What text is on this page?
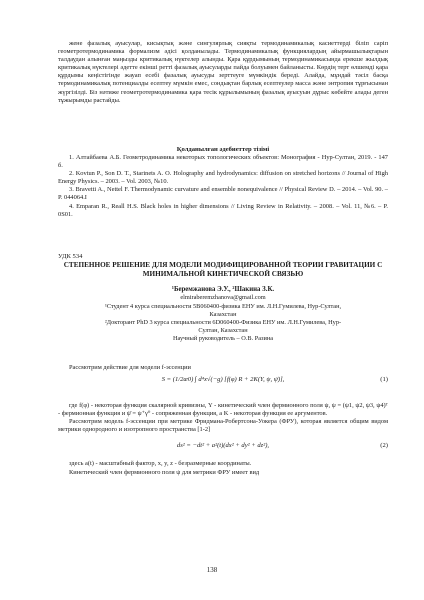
жене фазалық ауысулар, кисықтық және сингулярлық сияқты термодинамикалық касиеттерді біліп саріп геометротермодинамика формализм әдісі қолданылады. Термодинамикалық функциялардың айырмашылықтарын талдаудан алынған маңызды критикалық нүктелер алынды. Қара құрдымының термодинамикасында ерекше жылдық критикалық нүктелері әдетте екінші ретті фазалық ауысуларды пайда болуымен байланысты. Көрдің терт өлшемді қара құрдымы кеңістігінде жауап есебі фазалық ауысуды зерттеуге мүмкіндік береді. Алайда, мұндай тәсіл басқа термодинамикалық потенциалды есептеу мүмкін емес, сондықтан барлық есептеулер масса және энтропия тұрғысынан жүргізілді. Біз нәтиже геометротермодинамика қара тесік құрылымының фазалық ауысуын дұрыс көбейте алады деген тұжырымды растайды.

Қолданылған әдебиеттер тізімі

1. Алтайбаева А.Б. Геометродинамика некоторых топологических объектов: Монография - Нур-Султан, 2019. - 147 б.

2. Kovtun P., Son D. T., Starinets A. O. Holography and hydrodynamics: diffusion on stretched horizons // Journal of High Energy Physics. – 2003. – Vol. 2003, №10.

3. Bravetti A., Nettel F. Thermodynamic curvature and ensemble nonequivalence // Physical Review D. – 2014. – Vol. 90. – P. 044064.I

4. Emparan R., Reall H.S. Black holes in higher dimensions // Living Review in Relativity. – 2008. – Vol. 11, №6. – P. 0S01.

УДК 534

СТЕПЕННОЕ РЕШЕНИЕ ДЛЯ МОДЕЛИ МОДИФИЦИРОВАННОЙ ТЕОРИИ ГРАВИТАЦИИ С МИНИМАЛЬНОЙ КИНЕТИЧЕСКОЙ СВЯЗЬЮ

¹Беремжанова Э.У., ²Шакина З.К.

elmiraberemzhanova@gmail.com

¹Студент 4 курса специальности 5В060400-физика ЕНУ им. Л.Н.Гумилева, Нур-Султан, Казахстан

²Докторант PhD 3 курса специальности 6D060400-Физика ЕНУ им. Л.Н.Гумилева, Нур-Султан, Казахстан

Научный руководитель – О.В. Разина

Рассмотрим действие для модели f-эссенции

S = (1/2æ0) ∫ d⁴x√(−g) [f(φ) R + 2K(Y, ψ, ψ̄)],	(1)

где f(φ) - некоторая функция скалярной кривизны, Y - кинетический член фермионного поля ψ, ψ = (ψ1, ψ2, ψ3, ψ4)ᵀ - фермионная функция и ψ̄ = ψ⁺γ⁰ - сопряженная функция, а K - некоторая функция ее аргументов.

Рассмотрим модель f-эссенции при метрике Фридмана-Робертсона-Уокера (ФРУ), которая является общим видом метрики однородного и изотропного пространства [1-2]

ds² = −dt² + a²(t)(dx² + dy² + dz²),	(2)

здесь a(t) - масштабный фактор, x, y, z - безразмерные координаты.

Кинетический член фермионного поля ψ для метрики ФРУ имеет вид

138
